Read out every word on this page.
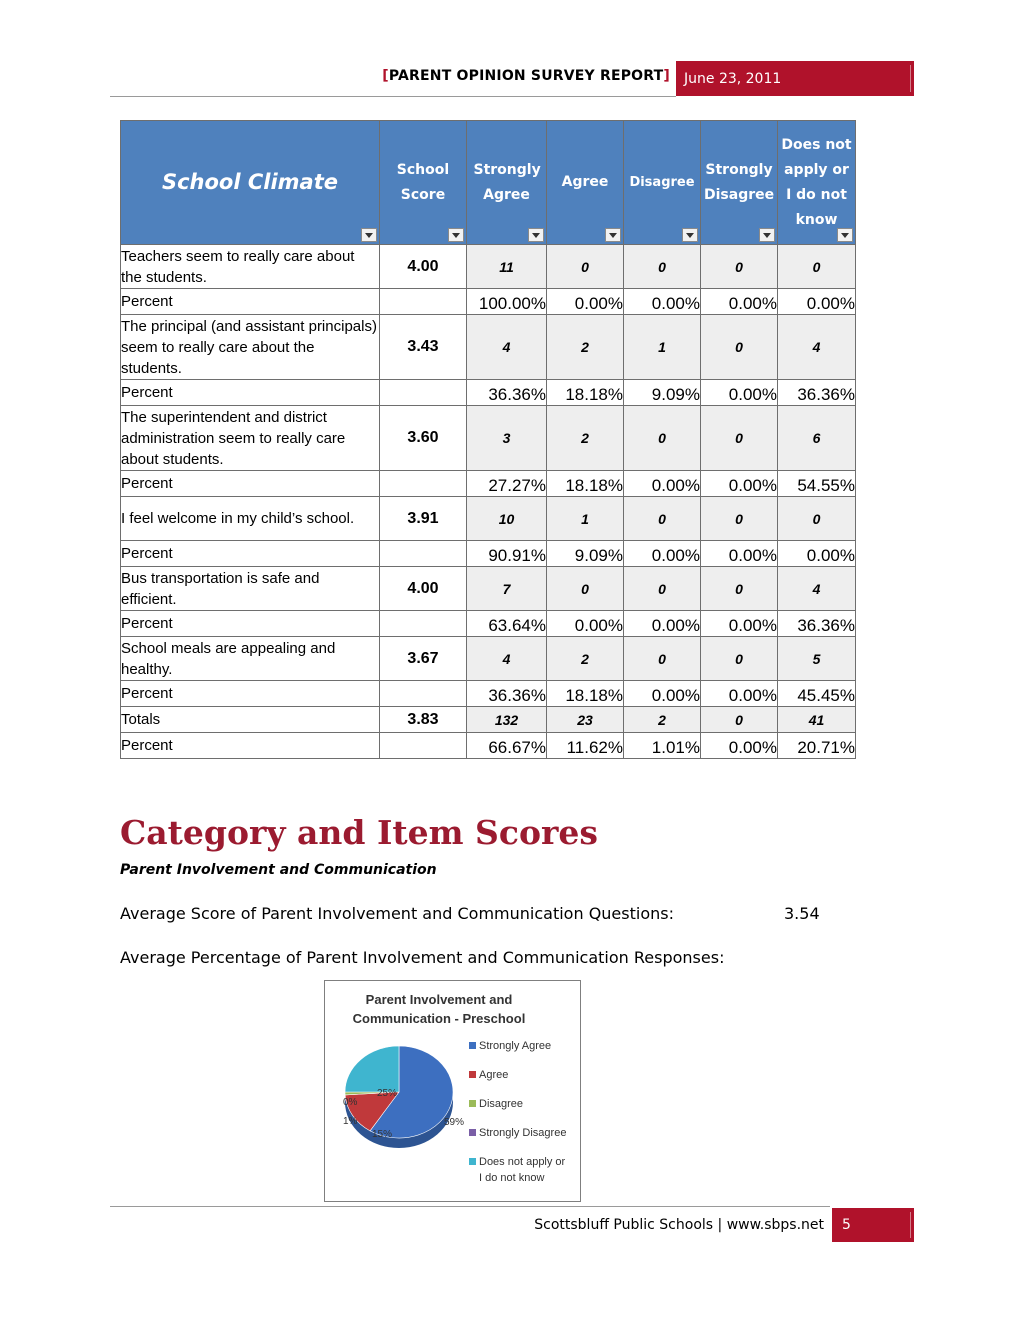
[PARENT OPINION SURVEY REPORT]	June 23, 2011
School Climate	School Score	Strongly Agree	Agree	Disagree	Strongly Disagree	Does not apply or I do not know

Teachers seem to really care about the students.	4.00	11	0	0	0	0
Percent		100.00%	0.00%	0.00%	0.00%	0.00%
The principal (and assistant principals) seem to really care about the students.	3.43	4	2	1	0	4
Percent		36.36%	18.18%	9.09%	0.00%	36.36%
The superintendent and district administration seem to really care about students.	3.60	3	2	0	0	6
Percent		27.27%	18.18%	0.00%	0.00%	54.55%
I feel welcome in my child’s school.	3.91	10	1	0	0	0
Percent		90.91%	9.09%	0.00%	0.00%	0.00%
Bus transportation is safe and efficient.	4.00	7	0	0	0	4
Percent		63.64%	0.00%	0.00%	0.00%	36.36%
School meals are appealing and healthy.	3.67	4	2	0	0	5
Percent		36.36%	18.18%	0.00%	0.00%	45.45%
Totals	3.83	132	23	2	0	41
Percent		66.67%	11.62%	1.01%	0.00%	20.71%
Category and Item Scores
Parent Involvement and Communication
Average Score of Parent Involvement and Communication Questions:	3.54
Average Percentage of Parent Involvement and Communication Responses:
Parent Involvement and
Communication - Preschool
59%
15%
1%
0%
25%
Strongly Agree
Agree
Disagree
Strongly Disagree
Does not apply or
I do not know
Scottsbluff Public Schools | www.sbps.net	5
